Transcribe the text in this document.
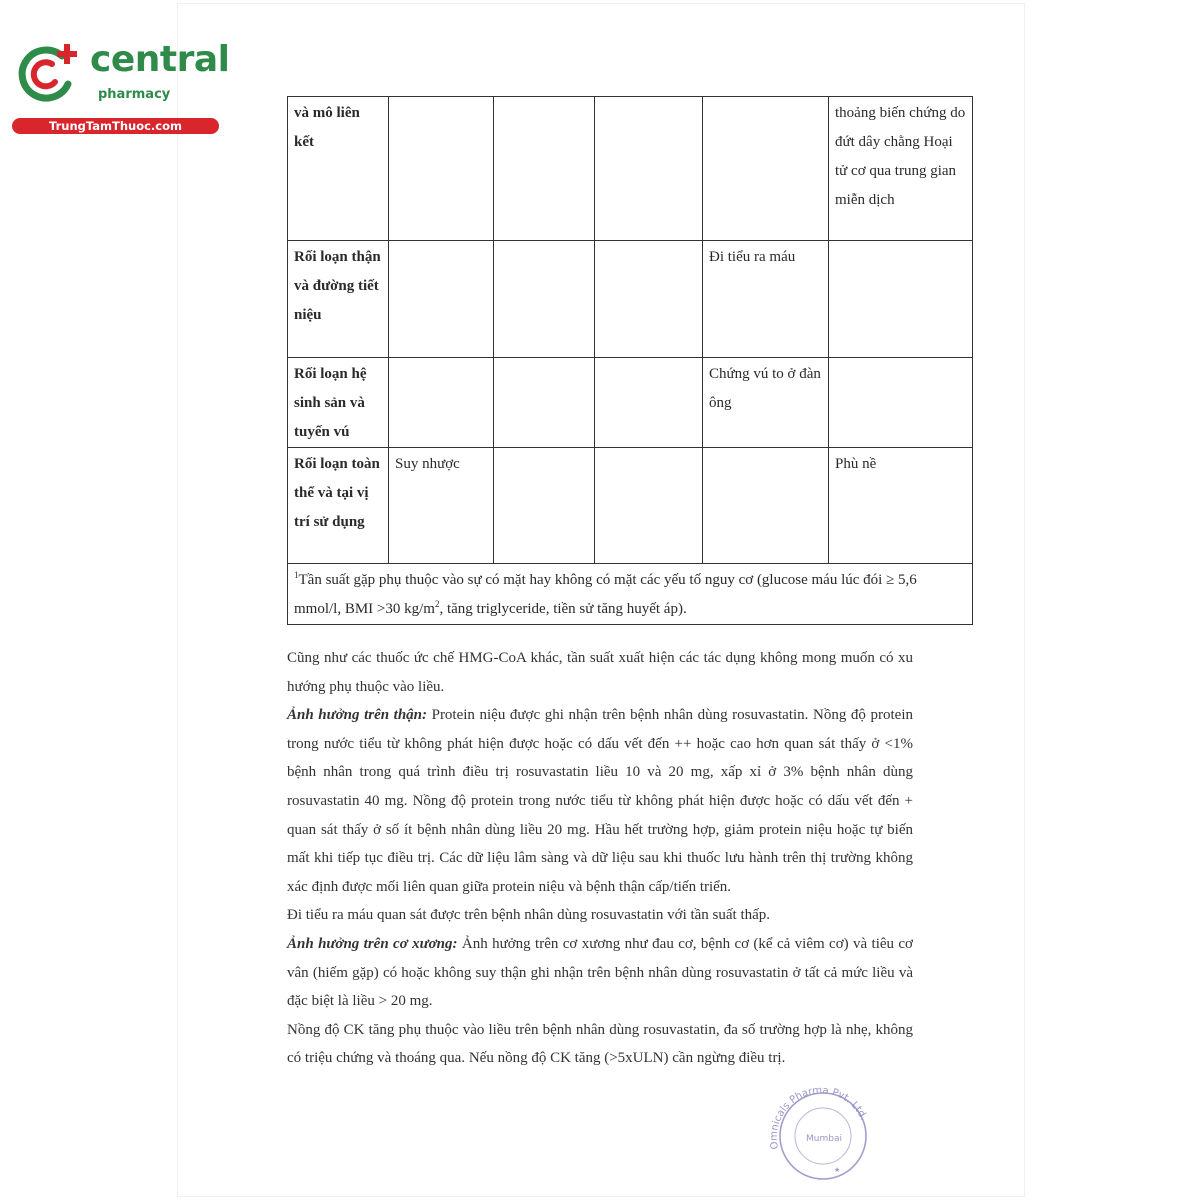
central
pharmacy
TrungTamThuoc.com
và mô liên kết					thoảng biến chứng do đứt dây chằng Hoại tử cơ qua trung gian miễn dịch
Rối loạn thận và đường tiết niệu				Đi tiểu ra máu	
Rối loạn hệ sinh sản và tuyến vú				Chứng vú to ở đàn ông	
Rối loạn toàn thể và tại vị trí sử dụng	Suy nhược				Phù nề
$^1$Tần suất gặp phụ thuộc vào sự có mặt hay không có mặt các yếu tố nguy cơ (glucose máu lúc đói ≥ 5,6 mmol/l, BMI >30 $kg/m^2$, tăng triglyceride, tiền sử tăng huyết áp).					

Cũng như các thuốc ức chế HMG-CoA khác, tần suất xuất hiện các tác dụng không mong muốn có xu hướng phụ thuộc vào liều.

Ảnh hưởng trên thận: Protein niệu được ghi nhận trên bệnh nhân dùng rosuvastatin. Nồng độ protein trong nước tiểu từ không phát hiện được hoặc có dấu vết đến ++ hoặc cao hơn quan sát thấy ở <1% bệnh nhân trong quá trình điều trị rosuvastatin liều 10 và 20 mg, xấp xỉ ở 3% bệnh nhân dùng rosuvastatin 40 mg. Nồng độ protein trong nước tiểu từ không phát hiện được hoặc có dấu vết đến + quan sát thấy ở số ít bệnh nhân dùng liều 20 mg. Hầu hết trường hợp, giảm protein niệu hoặc tự biến mất khi tiếp tục điều trị. Các dữ liệu lâm sàng và dữ liệu sau khi thuốc lưu hành trên thị trường không xác định được mối liên quan giữa protein niệu và bệnh thận cấp/tiến triển.

Đi tiểu ra máu quan sát được trên bệnh nhân dùng rosuvastatin với tần suất thấp.

Ảnh hưởng trên cơ xương: Ảnh hưởng trên cơ xương như đau cơ, bệnh cơ (kể cả viêm cơ) và tiêu cơ vân (hiếm gặp) có hoặc không suy thận ghi nhận trên bệnh nhân dùng rosuvastatin ở tất cả mức liều và đặc biệt là liều > 20 mg.

Nồng độ CK tăng phụ thuộc vào liều trên bệnh nhân dùng rosuvastatin, đa số trường hợp là nhẹ, không có triệu chứng và thoáng qua. Nếu nồng độ CK tăng (>5xULN) cần ngừng điều trị.

Omnicals Pharma Pvt. Ltd.
Mumbai
★
